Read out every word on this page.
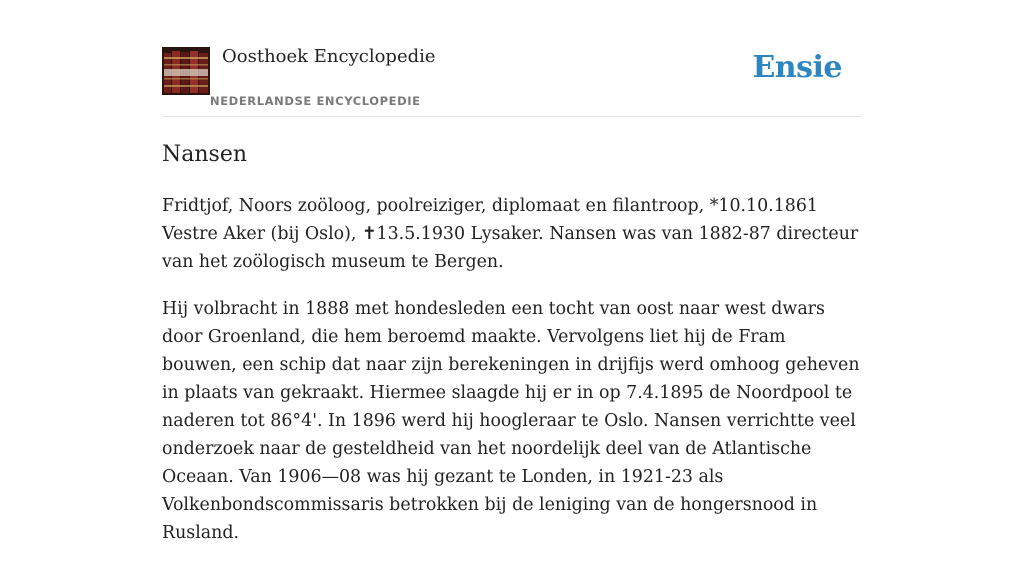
Oosthoek Encyclopedie
NEDERLANDSE ENCYCLOPEDIE
Ensie
Nansen

Fridtjof, Noors zoöloog, poolreiziger, diplomaat en filantroop, *10.10.1861 Vestre Aker (bij Oslo), ✝13.5.1930 Lysaker. Nansen was van 1882-87 directeur van het zoölogisch museum te Bergen.

Hij volbracht in 1888 met hondesleden een tocht van oost naar west dwars door Groenland, die hem beroemd maakte. Vervolgens liet hij de Fram bouwen, een schip dat naar zijn berekeningen in drijfijs werd omhoog geheven in plaats van gekraakt. Hiermee slaagde hij er in op 7.4.1895 de Noordpool te naderen tot 86°4'. In 1896 werd hij hoogleraar te Oslo. Nansen verrichtte veel onderzoek naar de gesteldheid van het noordelijk deel van de Atlantische Oceaan. Van 1906—08 was hij gezant te Londen, in 1921-23 als Volkenbondscommissaris betrokken bij de leniging van de hongersnood in Rusland.
